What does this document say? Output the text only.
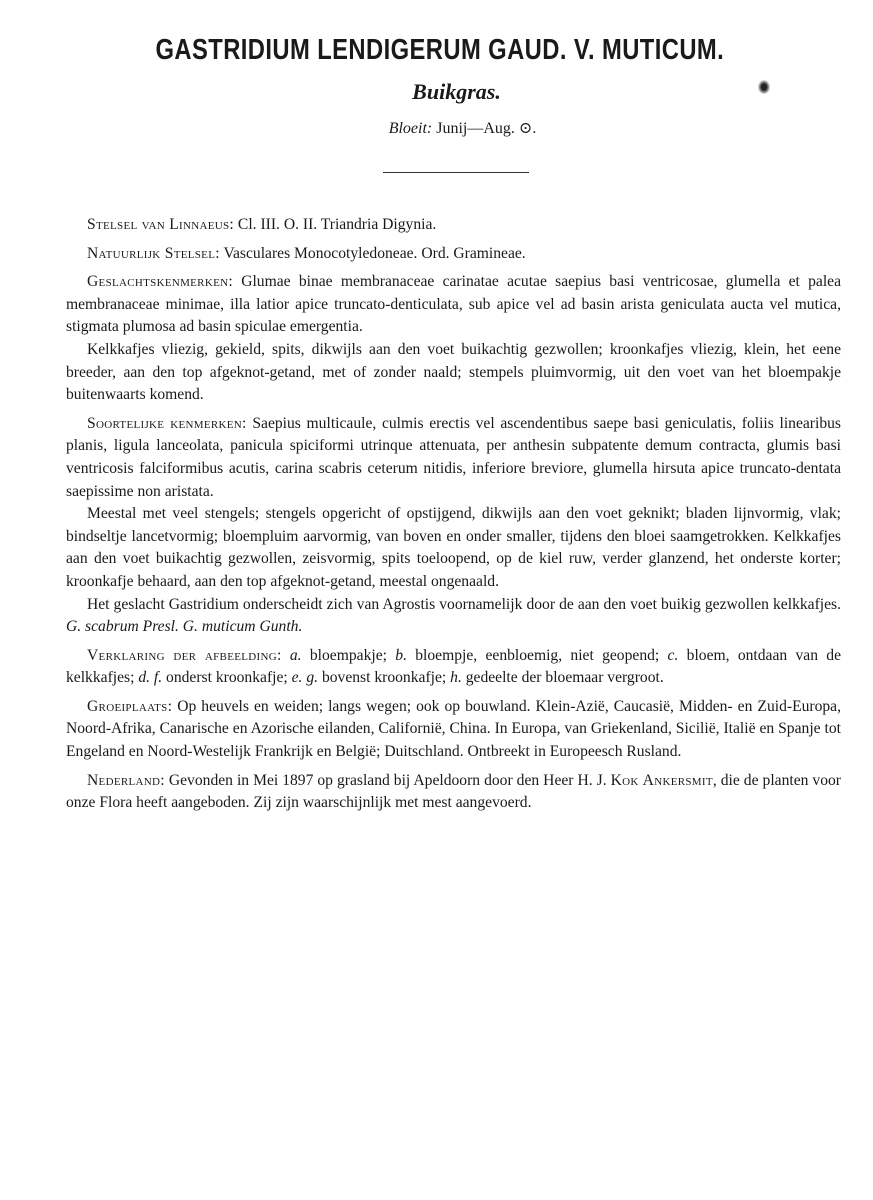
GASTRIDIUM LENDIGERUM GAUD. V. MUTICUM.
Buikgras.
Bloeit: Junij—Aug. ⊙.

Stelsel van Linnaeus: Cl. III. O. II. Triandria Digynia.

Natuurlijk Stelsel: Vasculares Monocotyledoneae. Ord. Gramineae.

Geslachtskenmerken: Glumae binae membranaceae carinatae acutae saepius basi ventricosae, glumella et palea membranaceae minimae, illa latior apice truncato-denticulata, sub apice vel ad basin arista geniculata aucta vel mutica, stigmata plumosa ad basin spiculae emergentia.

Kelkkafjes vliezig, gekield, spits, dikwijls aan den voet buikachtig gezwollen; kroonkafjes vliezig, klein, het eene breeder, aan den top afgeknot-getand, met of zonder naald; stempels pluimvormig, uit den voet van het bloempakje buitenwaarts komend.

Soortelijke kenmerken: Saepius multicaule, culmis erectis vel ascendentibus saepe basi geniculatis, foliis linearibus planis, ligula lanceolata, panicula spiciformi utrinque attenuata, per anthesin subpatente demum contracta, glumis basi ventricosis falciformibus acutis, carina scabris ceterum nitidis, inferiore breviore, glumella hirsuta apice truncato-dentata saepissime non aristata.

Meestal met veel stengels; stengels opgericht of opstijgend, dikwijls aan den voet geknikt; bladen lijnvormig, vlak; bindseltje lancetvormig; bloempluim aarvormig, van boven en onder smaller, tijdens den bloei saamgetrokken. Kelkkafjes aan den voet buikachtig gezwollen, zeisvormig, spits toeloopend, op de kiel ruw, verder glanzend, het onderste korter; kroonkafje behaard, aan den top afgeknot-getand, meestal ongenaald.

Het geslacht Gastridium onderscheidt zich van Agrostis voornamelijk door de aan den voet buikig gezwollen kelkkafjes. G. scabrum Presl. G. muticum Gunth.

Verklaring der afbeelding: a. bloempakje; b. bloempje, eenbloemig, niet geopend; c. bloem, ontdaan van de kelkkafjes; d. f. onderst kroonkafje; e. g. bovenst kroonkafje; h. gedeelte der bloemaar vergroot.

Groeiplaats: Op heuvels en weiden; langs wegen; ook op bouwland. Klein-Azië, Caucasië, Midden- en Zuid-Europa, Noord-Afrika, Canarische en Azorische eilanden, Californië, China. In Europa, van Griekenland, Sicilië, Italië en Spanje tot Engeland en Noord-Westelijk Frankrijk en België; Duitschland. Ontbreekt in Europeesch Rusland.

Nederland: Gevonden in Mei 1897 op grasland bij Apeldoorn door den Heer H. J. Kok Ankersmit, die de planten voor onze Flora heeft aangeboden. Zij zijn waarschijnlijk met mest aangevoerd.
